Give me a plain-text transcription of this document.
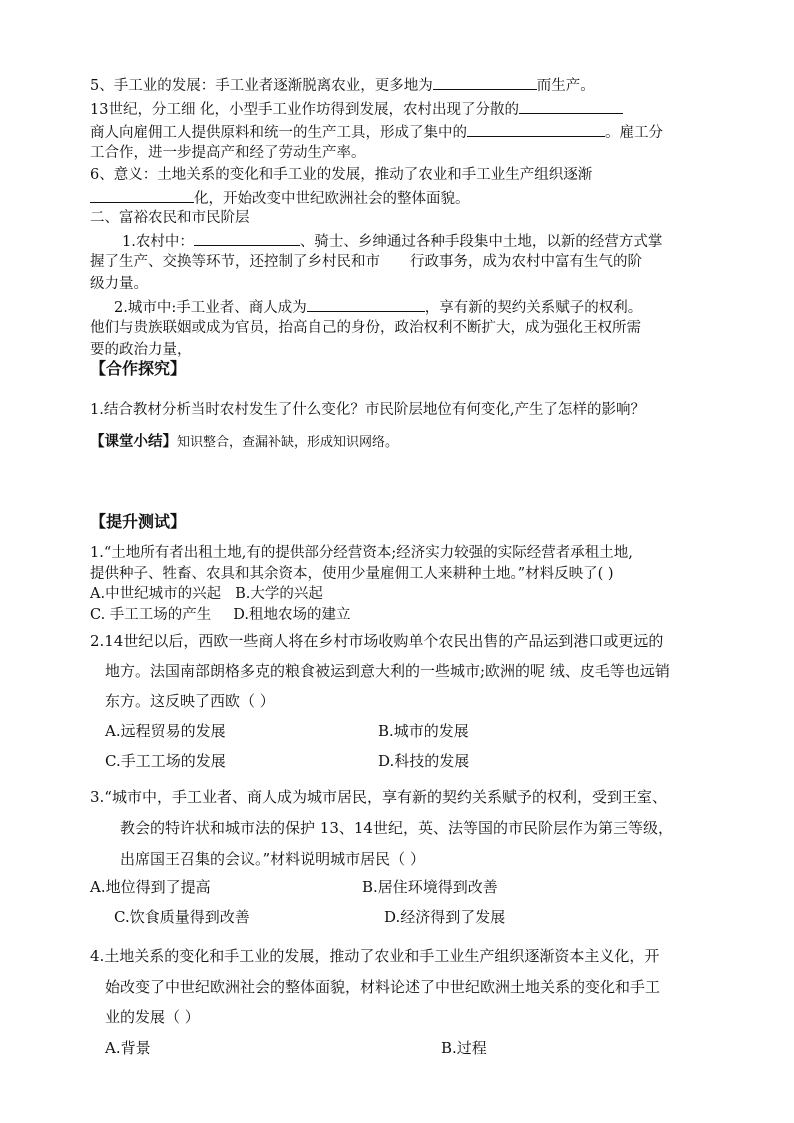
5、手工业的发展：手工业者逐渐脱离农业，更多地为	而生产。
13世纪，分工细 化，小型手工业作坊得到发展，农村出现了分散的
商人向雇佣工人提供原料和统一的生产工具，形成了集中的	。雇工分
工合作，进一步提高产和经了劳动生产率。
6、意义：土地关系的变化和手工业的发展，推动了农业和手工业生产组织逐渐
化，开始改变中世纪欧洲社会的整体面貌。
二、富裕农民和市民阶层
1.农村中：	、骑士、乡绅通过各种手段集中土地，以新的经营方式掌
握了生产、交换等环节，还控制了乡村民和市 行政事务，成为农村中富有生气的阶
级力量。
2.城市中:手工业者、商人成为	，享有新的契约关系赋子的权利。
他们与贵族联姻或成为官员，抬高自己的身份，政治权利不断扩大，成为强化王权所需
要的政治力量，
【合作探究】
1.结合教材分析当时农村发生了什么变化？市民阶层地位有何变化,产生了怎样的影响？
【课堂小结】知识整合，查漏补缺，形成知识网络。
【提升测试】
1.“土地所有者出租土地,有的提供部分经营资本;经济实力较强的实际经营者承租土地,
提供种子、牲畜、农具和其余资本，使用少量雇佣工人来耕种土地。”材料反映了( )
A.中世纪城市的兴起 B.大学的兴起
C. 手工工场的产生 D.租地农场的建立
2.14世纪以后，西欧一些商人将在乡村市场收购单个农民出售的产品运到港口或更远的
地方。法国南部朗格多克的粮食被运到意大利的一些城市;欧洲的呢 绒、皮毛等也远销
东方。这反映了西欧（ ）
A.远程贸易的发展	B.城市的发展
C.手工工场的发展	D.科技的发展
3.“城市中，手工业者、商人成为城市居民，享有新的契约关系赋予的权利，受到王室、
教会的特许状和城市法的保护 13、14世纪，英、法等国的市民阶层作为第三等级，
出席国王召集的会议。”材料说明城市居民（ ）
A.地位得到了提高	B.居住环境得到改善
C.饮食质量得到改善	D.经济得到了发展
4.土地关系的变化和手工业的发展，推动了农业和手工业生产组织逐渐资本主义化，开
始改变了中世纪欧洲社会的整体面貌，材料论述了中世纪欧洲土地关系的变化和手工
业的发展（ ）
A.背景	B.过程
